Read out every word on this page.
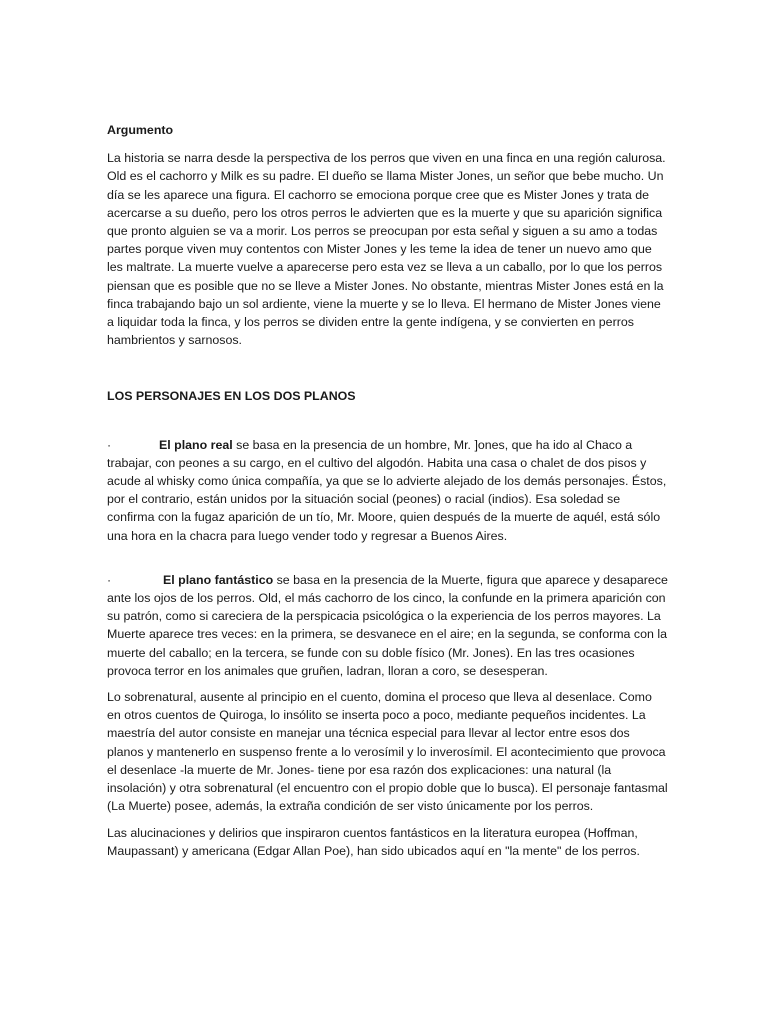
Argumento

La historia se narra desde la perspectiva de los perros que viven en una finca en una región calurosa. Old es el cachorro y Milk es su padre. El dueño se llama Mister Jones, un señor que bebe mucho. Un día se les aparece una figura. El cachorro se emociona porque cree que es Mister Jones y trata de acercarse a su dueño, pero los otros perros le advierten que es la muerte y que su aparición significa que pronto alguien se va a morir. Los perros se preocupan por esta señal y siguen a su amo a todas partes porque viven muy contentos con Mister Jones y les teme la idea de tener un nuevo amo que les maltrate. La muerte vuelve a aparecerse pero esta vez se lleva a un caballo, por lo que los perros piensan que es posible que no se lleve a Mister Jones. No obstante, mientras Mister Jones está en la finca trabajando bajo un sol ardiente, viene la muerte y se lo lleva. El hermano de Mister Jones viene a liquidar toda la finca, y los perros se dividen entre la gente indígena, y se convierten en perros hambrientos y sarnosos.

LOS PERSONAJES EN LOS DOS PLANOS

·	El plano real se basa en la presencia de un hombre, Mr. ]ones, que ha ido al Chaco a trabajar, con peones a su cargo, en el cultivo del algodón. Habita una casa o chalet de dos pisos y acude al whisky como única compañía, ya que se lo advierte alejado de los demás personajes. Éstos, por el contrario, están unidos por la situación social (peones) o racial (indios). Esa soledad se confirma con la fugaz aparición de un tío, Mr. Moore, quien después de la muerte de aquél, está sólo una hora en la chacra para luego vender todo y regresar a Buenos Aires.

·	El plano fantástico se basa en la presencia de la Muerte, figura que aparece y desaparece ante los ojos de los perros. Old, el más cachorro de los cinco, la confunde en la primera aparición con su patrón, como si careciera de la perspicacia psicológica o la experiencia de los perros mayores. La Muerte aparece tres veces: en la primera, se desvanece en el aire; en la segunda, se conforma con la muerte del caballo; en la tercera, se funde con su doble físico (Mr. Jones). En las tres ocasiones provoca terror en los animales que gruñen, ladran, lloran a coro, se desesperan.

Lo sobrenatural, ausente al principio en el cuento, domina el proceso que lleva al desenlace. Como en otros cuentos de Quiroga, lo insólito se inserta poco a poco, mediante pequeños incidentes. La maestría del autor consiste en manejar una técnica especial para llevar al lector entre esos dos planos y mantenerlo en suspenso frente a lo verosímil y lo inverosímil. El acontecimiento que provoca el desenlace -la muerte de Mr. Jones- tiene por esa razón dos explicaciones: una natural (la insolación) y otra sobrenatural (el encuentro con el propio doble que lo busca). El personaje fantasmal (La Muerte) posee, además, la extraña condición de ser visto únicamente por los perros.

Las alucinaciones y delirios que inspiraron cuentos fantásticos en la literatura europea (Hoffman, Maupassant) y americana (Edgar Allan Poe), han sido ubicados aquí en "la mente" de los perros.
